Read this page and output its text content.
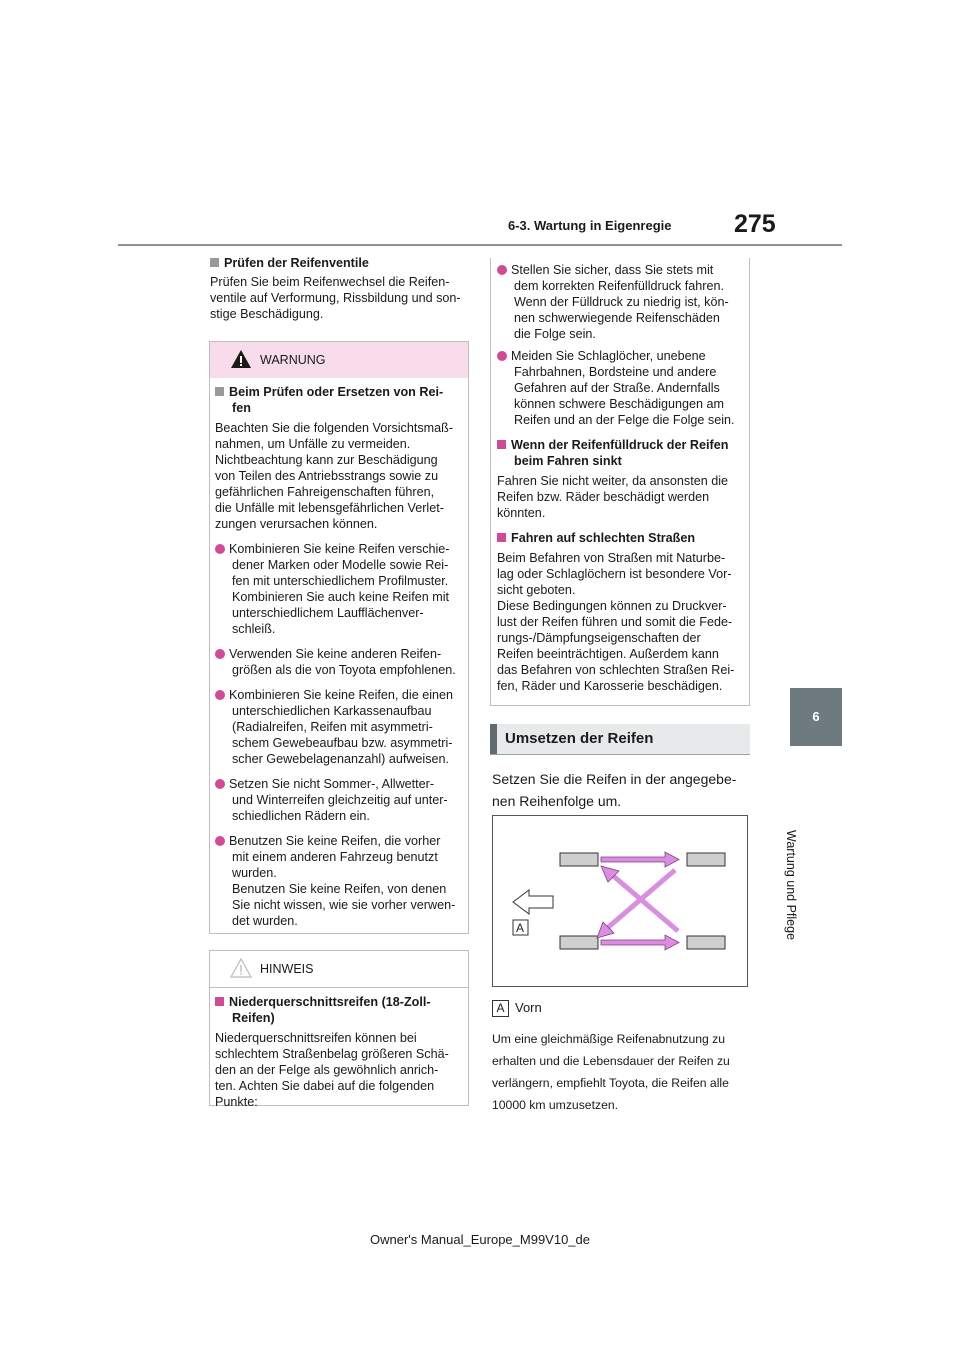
6-3. Wartung in Eigenregie	275
6
Wartung und Pflege

Prüfen der Reifenventile

Prüfen Sie beim Reifenwechsel die Reifen-
ventile auf Verformung, Rissbildung und son-
stige Beschädigung.

WARNUNG

Beim Prüfen oder Ersetzen von Rei-
fen

Beachten Sie die folgenden Vorsichtsmaß-
nahmen, um Unfälle zu vermeiden.
Nichtbeachtung kann zur Beschädigung
von Teilen des Antriebsstrangs sowie zu
gefährlichen Fahreigenschaften führen,
die Unfälle mit lebensgefährlichen Verlet-
zungen verursachen können.

Kombinieren Sie keine Reifen verschie-
dener Marken oder Modelle sowie Rei-
fen mit unterschiedlichem Profilmuster.
Kombinieren Sie auch keine Reifen mit
unterschiedlichem Laufflächenver-
schleiß.

Verwenden Sie keine anderen Reifen-
größen als die von Toyota empfohlenen.

Kombinieren Sie keine Reifen, die einen
unterschiedlichen Karkassenaufbau
(Radialreifen, Reifen mit asymmetri-
schem Gewebeaufbau bzw. asymmetri-
scher Gewebelagenanzahl) aufweisen.

Setzen Sie nicht Sommer-, Allwetter-
und Winterreifen gleichzeitig auf unter-
schiedlichen Rädern ein.

Benutzen Sie keine Reifen, die vorher
mit einem anderen Fahrzeug benutzt
wurden.
Benutzen Sie keine Reifen, von denen
Sie nicht wissen, wie sie vorher verwen-
det wurden.

HINWEIS

Niederquerschnittsreifen (18-Zoll-
Reifen)

Niederquerschnittsreifen können bei
schlechtem Straßenbelag größeren Schä-
den an der Felge als gewöhnlich anrich-
ten. Achten Sie dabei auf die folgenden
Punkte:

Stellen Sie sicher, dass Sie stets mit
dem korrekten Reifenfülldruck fahren.
Wenn der Fülldruck zu niedrig ist, kön-
nen schwerwiegende Reifenschäden
die Folge sein.

Meiden Sie Schlaglöcher, unebene
Fahrbahnen, Bordsteine und andere
Gefahren auf der Straße. Andernfalls
können schwere Beschädigungen am
Reifen und an der Felge die Folge sein.

Wenn der Reifenfülldruck der Reifen
beim Fahren sinkt

Fahren Sie nicht weiter, da ansonsten die
Reifen bzw. Räder beschädigt werden
könnten.

Fahren auf schlechten Straßen

Beim Befahren von Straßen mit Naturbe-
lag oder Schlaglöchern ist besondere Vor-
sicht geboten.
Diese Bedingungen können zu Druckver-
lust der Reifen führen und somit die Fede-
rungs-/Dämpfungseigenschaften der
Reifen beeinträchtigen. Außerdem kann
das Befahren von schlechten Straßen Rei-
fen, Räder und Karosserie beschädigen.

Umsetzen der Reifen
Setzen Sie die Reifen in der angegebe-
nen Reihenfolge um.
A
A Vorn
Um eine gleichmäßige Reifenabnutzung zu
erhalten und die Lebensdauer der Reifen zu
verlängern, empfiehlt Toyota, die Reifen alle
10000 km umzusetzen.
Owner's Manual_Europe_M99V10_de
